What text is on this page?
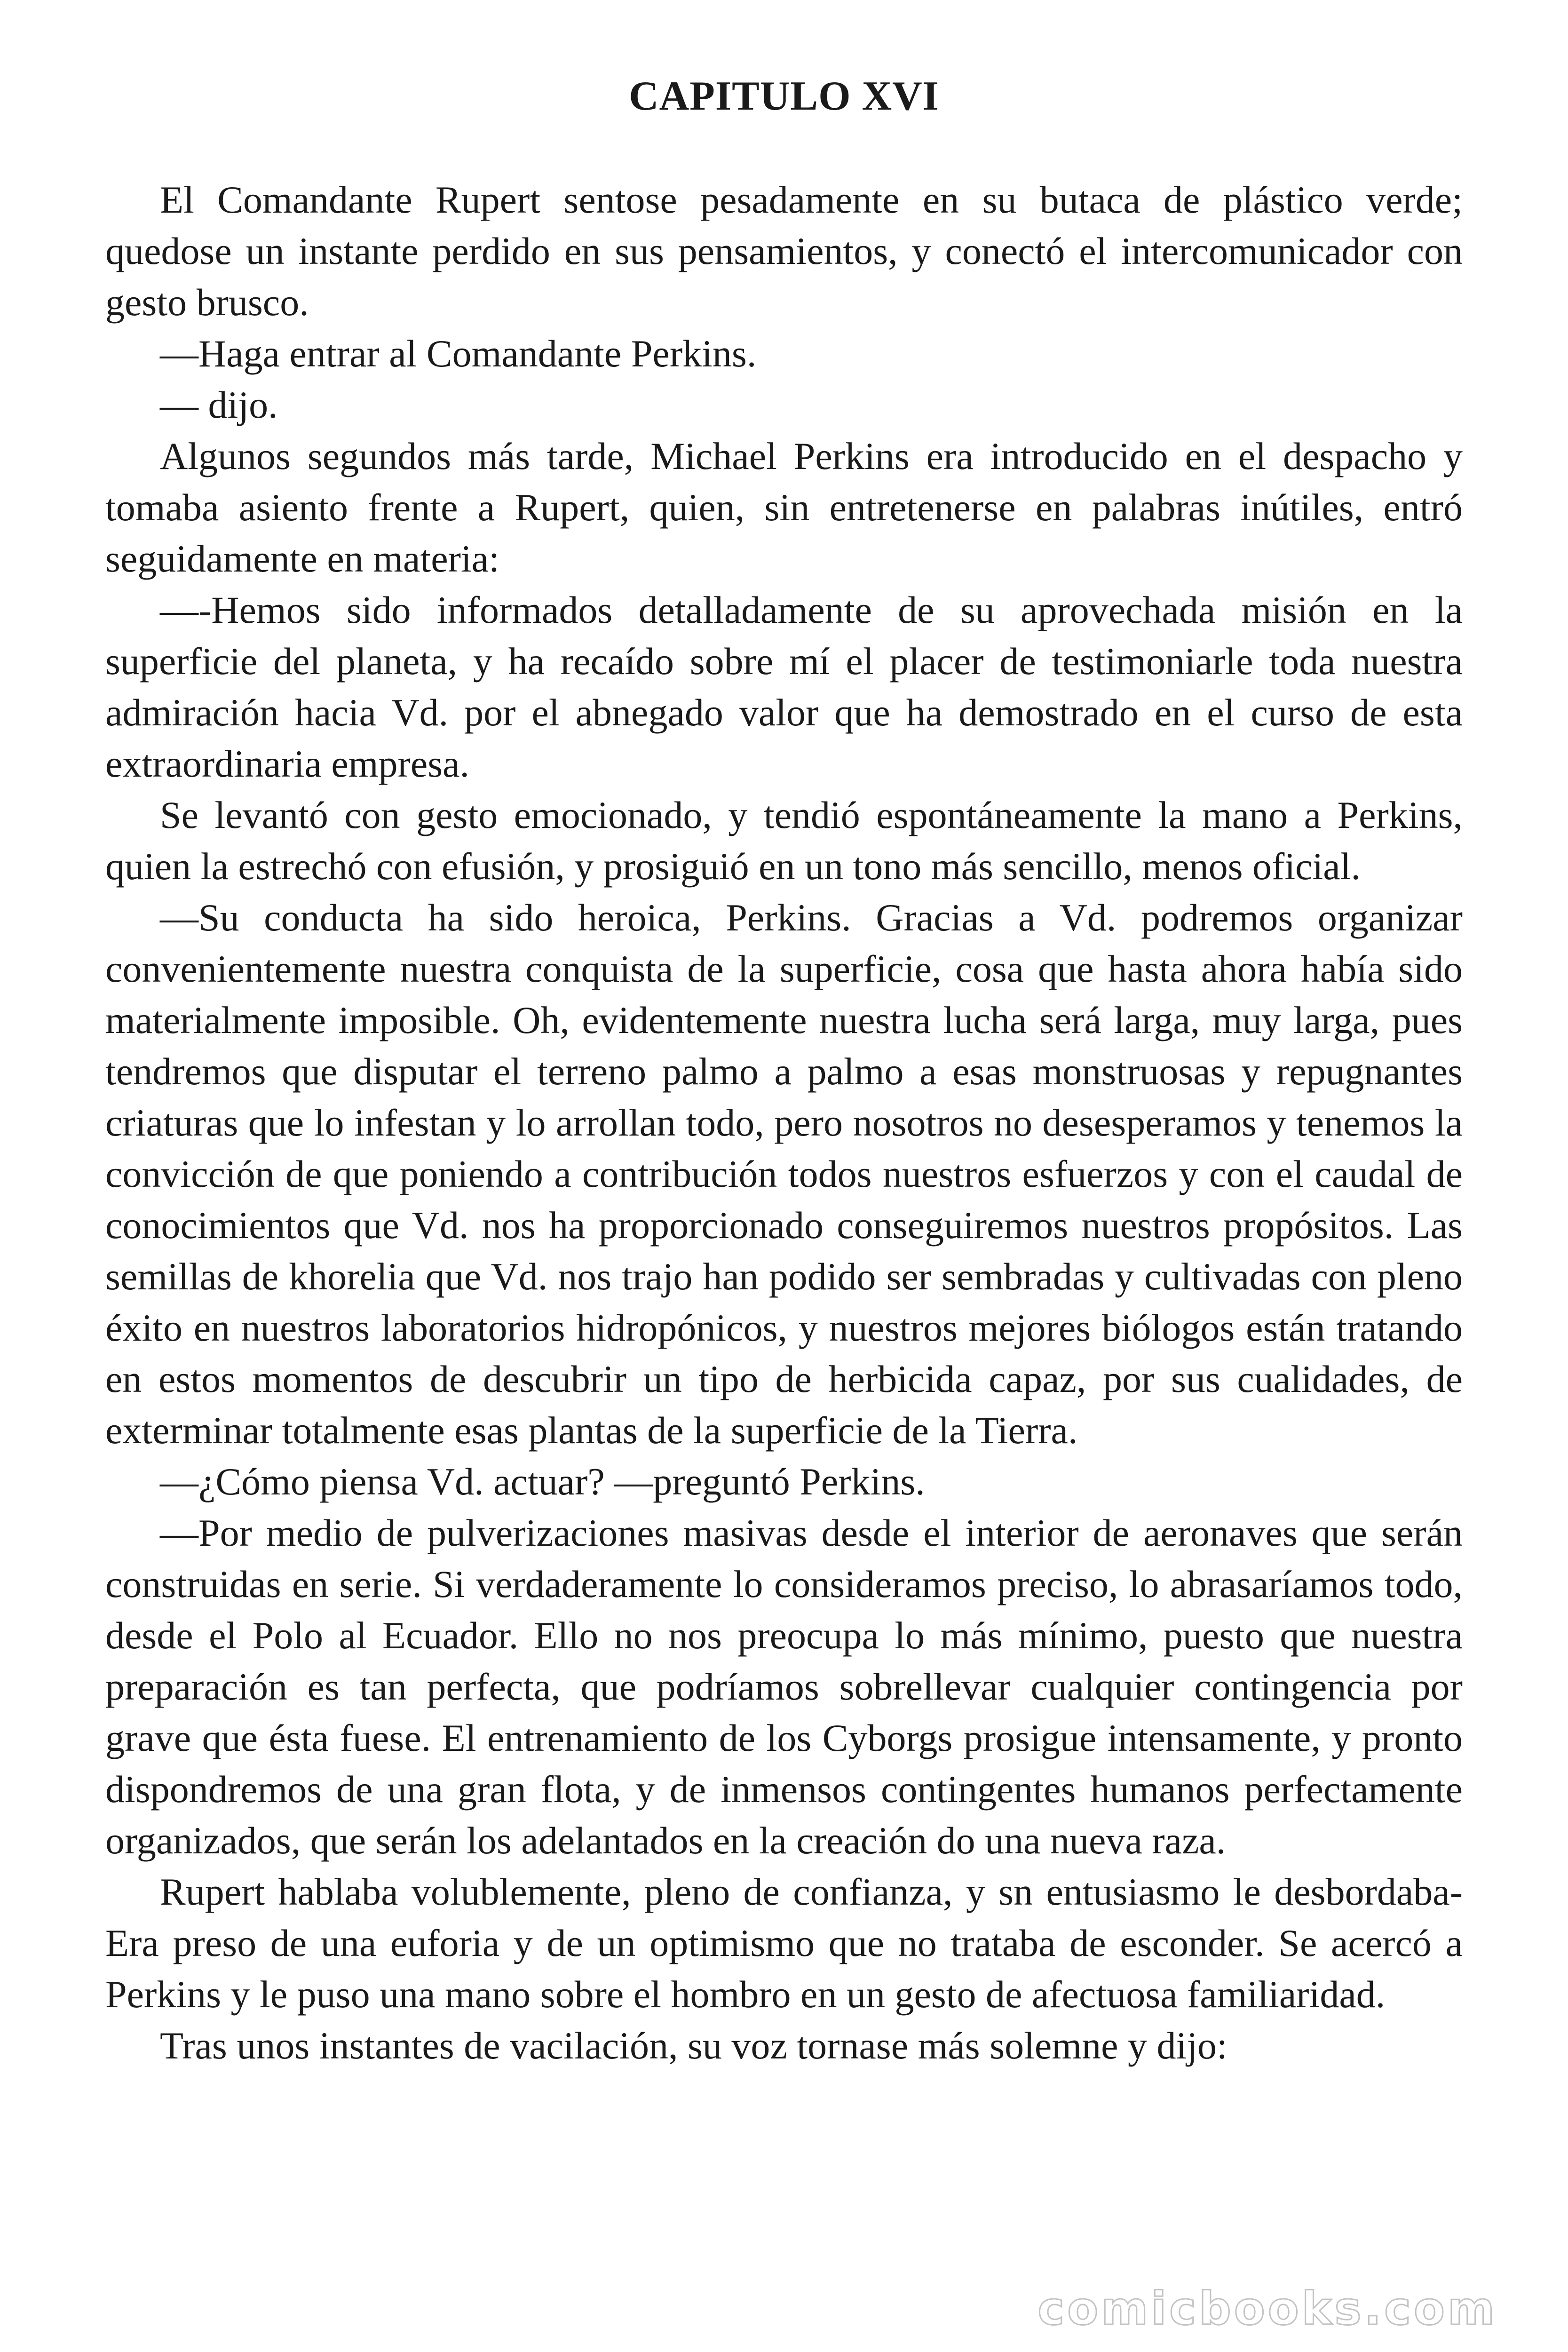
CAPITULO XVI

El Comandante Rupert sentose pesadamente en su butaca de plástico verde; quedose un instante perdido en sus pensamientos, y conectó el intercomunicador con gesto brusco.

—Haga entrar al Comandante Perkins.

— dijo.

Algunos segundos más tarde, Michael Perkins era introducido en el despacho y tomaba asiento frente a Rupert, quien, sin entretenerse en palabras inútiles, entró seguidamente en materia:

—-Hemos sido informados detalladamente de su aprovechada misión en la superficie del planeta, y ha recaído sobre mí el placer de testimoniarle toda nuestra admiración hacia Vd. por el abnegado valor que ha demostrado en el curso de esta extraordinaria empresa.

Se levantó con gesto emocionado, y tendió espontáneamente la mano a Perkins, quien la estrechó con efusión, y prosiguió en un tono más sencillo, menos oficial.

—Su conducta ha sido heroica, Perkins. Gracias a Vd. podremos organizar convenientemente nuestra conquista de la superficie, cosa que hasta ahora había sido materialmente imposible. Oh, evidentemente nuestra lucha será larga, muy larga, pues tendremos que disputar el terreno palmo a palmo a esas monstruosas y repugnantes criaturas que lo infestan y lo arrollan todo, pero nosotros no desesperamos y tenemos la convicción de que poniendo a contribución todos nuestros esfuerzos y con el caudal de conocimientos que Vd. nos ha proporcionado conseguiremos nuestros propósitos. Las semillas de khorelia que Vd. nos trajo han podido ser sembradas y cultivadas con pleno éxito en nuestros laboratorios hidropónicos, y nuestros mejores biólogos están tratando en estos momentos de descubrir un tipo de herbicida capaz, por sus cualidades, de exterminar totalmente esas plantas de la superficie de la Tierra.

—¿Cómo piensa Vd. actuar? —preguntó Perkins.

—Por medio de pulverizaciones masivas desde el interior de aeronaves que serán construidas en serie. Si verdaderamente lo consideramos preciso, lo abrasaríamos todo, desde el Polo al Ecuador. Ello no nos preocupa lo más mínimo, puesto que nuestra preparación es tan perfecta, que podríamos sobrellevar cualquier contingencia por grave que ésta fuese. El entrenamiento de los Cyborgs prosigue intensamente, y pronto dispondremos de una gran flota, y de inmensos contingentes humanos perfectamente organizados, que serán los adelantados en la creación do una nueva raza.

Rupert hablaba volublemente, pleno de confianza, y sn entusiasmo le desbordaba- Era preso de una euforia y de un optimismo que no trataba de esconder. Se acercó a Perkins y le puso una mano sobre el hombro en un gesto de afectuosa familiaridad.

Tras unos instantes de vacilación, su voz tornase más solemne y dijo:

comicbooks.com
